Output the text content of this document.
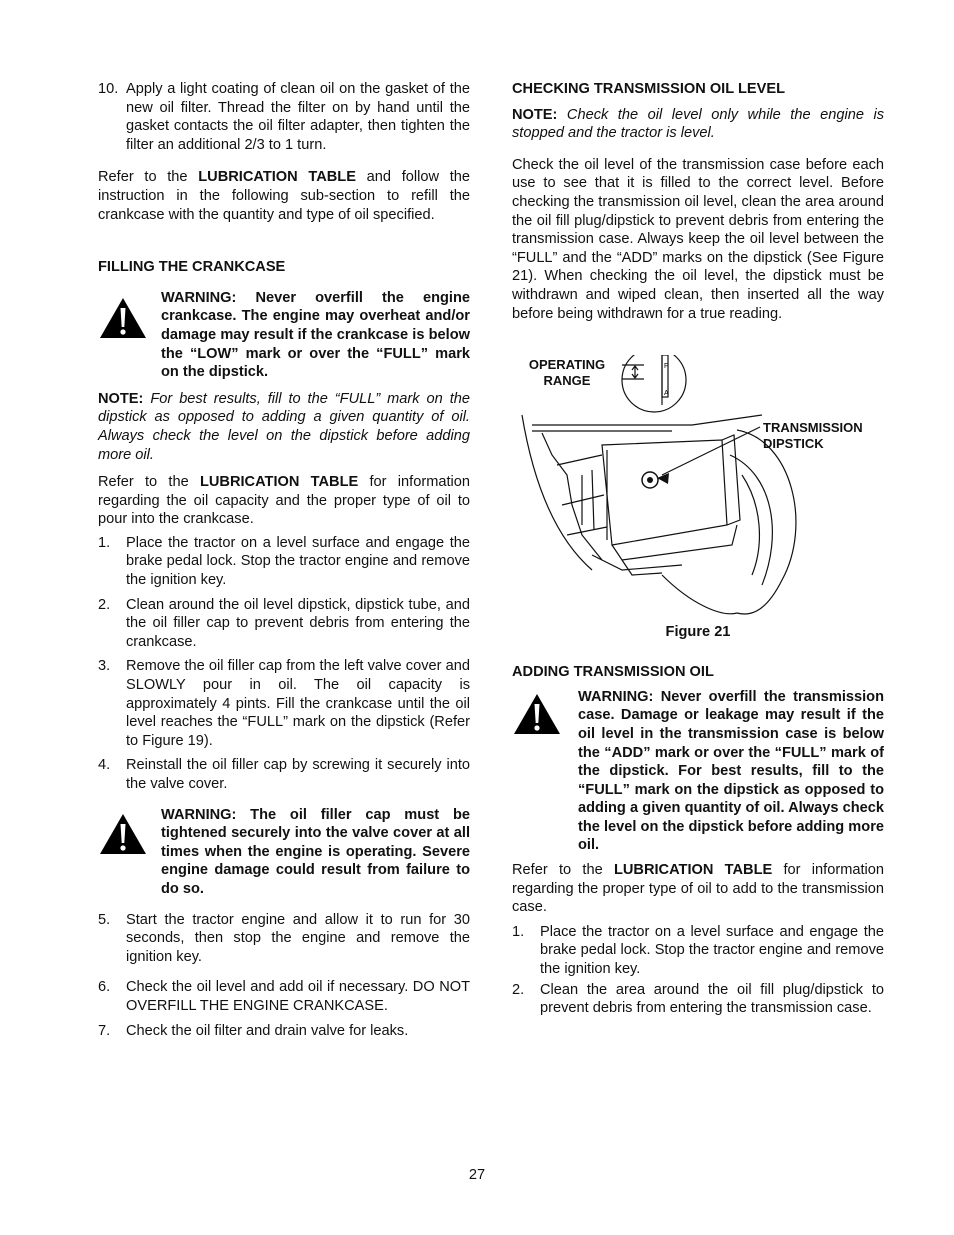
10. Apply a light coating of clean oil on the gasket of the new oil filter. Thread the filter on by hand until the gasket contacts the oil filter adapter, then tighten the filter an additional 2/3 to 1 turn.

Refer to the LUBRICATION TABLE and follow the instruction in the following sub-section to refill the crankcase with the quantity and type of oil specified.

FILLING THE CRANKCASE

WARNING: Never overfill the engine crankcase. The engine may overheat and/or damage may result if the crankcase is below the “LOW” mark or over the “FULL” mark on the dipstick.

NOTE: For best results, fill to the “FULL” mark on the dipstick as opposed to adding a given quantity of oil. Always check the level on the dipstick before adding more oil.

Refer to the LUBRICATION TABLE for information regarding the oil capacity and the proper type of oil to pour into the crankcase.

1. Place the tractor on a level surface and engage the brake pedal lock. Stop the tractor engine and remove the ignition key.
2. Clean around the oil level dipstick, dipstick tube, and the oil filler cap to prevent debris from entering the crankcase.
3. Remove the oil filler cap from the left valve cover and SLOWLY pour in oil. The oil capacity is approximately 4 pints. Fill the crankcase until the oil level reaches the “FULL” mark on the dipstick (Refer to Figure 19).
4. Reinstall the oil filler cap by screwing it securely into the valve cover.
WARNING: The oil filler cap must be tightened securely into the valve cover at all times when the engine is operating. Severe engine damage could result from failure to do so.
5. Start the tractor engine and allow it to run for 30 seconds, then stop the engine and remove the ignition key.
6. Check the oil level and add oil if necessary. DO NOT OVERFILL THE ENGINE CRANKCASE.
7. Check the oil filter and drain valve for leaks.

CHECKING TRANSMISSION OIL LEVEL

NOTE: Check the oil level only while the engine is stopped and the tractor is level.

Check the oil level of the transmission case before each use to see that it is filled to the correct level. Before checking the transmission oil level, clean the area around the oil fill plug/dipstick to prevent debris from entering the transmission case. Always keep the oil level between the “FULL” and the “ADD” marks on the dipstick (See Figure 21). When checking the oil level, the dipstick must be withdrawn and wiped clean, then inserted all the way before being withdrawn for a true reading.

OPERATING
RANGE
TRANSMISSION
DIPSTICK
F
A
Figure 21

ADDING TRANSMISSION OIL

WARNING: Never overfill the transmission case. Damage or leakage may result if the oil level in the transmission case is below the “ADD” mark or over the “FULL” mark of the dipstick. For best results, fill to the “FULL” mark on the dipstick as opposed to adding a given quantity of oil. Always check the level on the dipstick before adding more oil.

Refer to the LUBRICATION TABLE for information regarding the proper type of oil to add to the transmission case.

1. Place the tractor on a level surface and engage the brake pedal lock. Stop the tractor engine and remove the ignition key.
2. Clean the area around the oil fill plug/dipstick to prevent debris from entering the transmission case.
27
